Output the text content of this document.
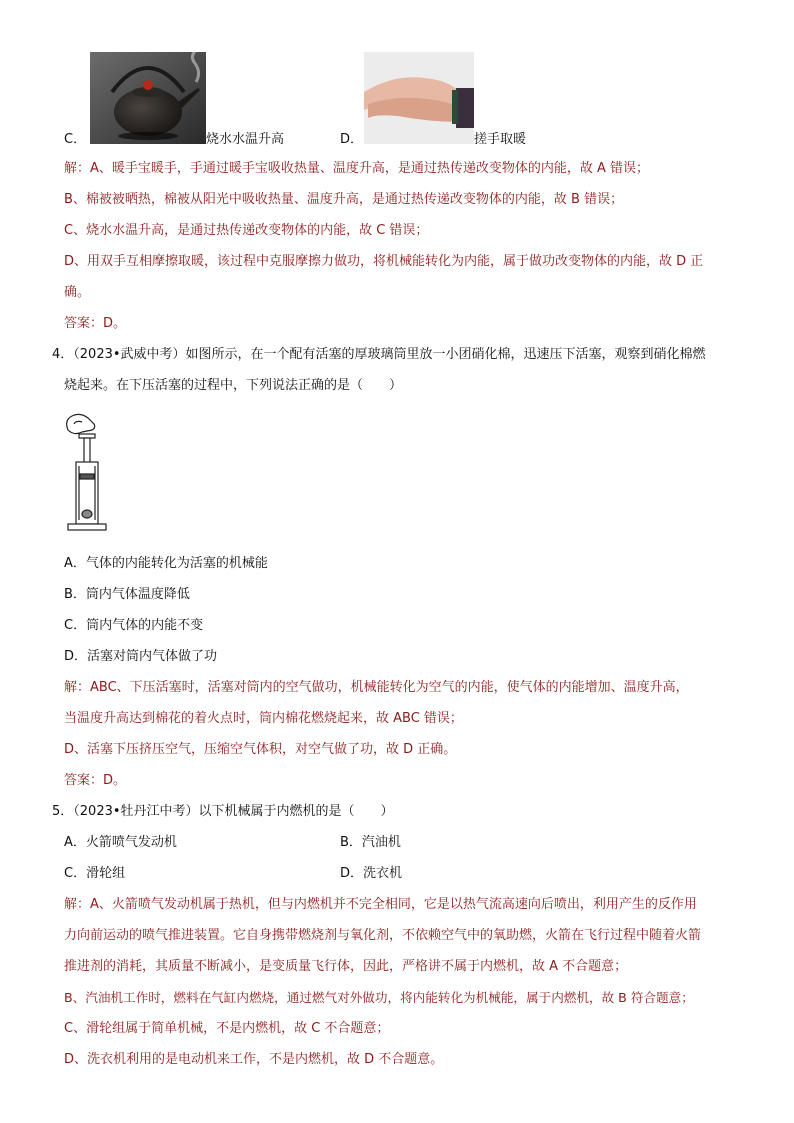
C．	烧水水温升高	D．	搓手取暖
解：A、暖手宝暖手，手通过暖手宝吸收热量、温度升高，是通过热传递改变物体的内能，故 A 错误；
B、棉被被晒热，棉被从阳光中吸收热量、温度升高，是通过热传递改变物体的内能，故 B 错误；
C、烧水水温升高，是通过热传递改变物体的内能，故 C 错误；
D、用双手互相摩擦取暖，该过程中克服摩擦力做功，将机械能转化为内能，属于做功改变物体的内能，故 D 正
确。
答案：D。
4．（2023•武威中考）如图所示，在一个配有活塞的厚玻璃筒里放一小团硝化棉，迅速压下活塞，观察到硝化棉燃
烧起来。在下压活塞的过程中，下列说法正确的是（　　）
A．气体的内能转化为活塞的机械能
B．筒内气体温度降低
C．筒内气体的内能不变
D．活塞对筒内气体做了功
解：ABC、下压活塞时，活塞对筒内的空气做功，机械能转化为空气的内能，使气体的内能增加、温度升高，
当温度升高达到棉花的着火点时，筒内棉花燃烧起来，故 ABC 错误；
D、活塞下压挤压空气，压缩空气体积，对空气做了功，故 D 正确。
答案：D。
5．（2023•牡丹江中考）以下机械属于内燃机的是（　　）
A．火箭喷气发动机	B．汽油机
C．滑轮组	D．洗衣机
解：A、火箭喷气发动机属于热机，但与内燃机并不完全相同，它是以热气流高速向后喷出，利用产生的反作用
力向前运动的喷气推进装置。它自身携带燃烧剂与氧化剂，不依赖空气中的氧助燃，火箭在飞行过程中随着火箭
推进剂的消耗，其质量不断减小，是变质量飞行体，因此，严格讲不属于内燃机，故 A 不合题意；
B、汽油机工作时，燃料在气缸内燃烧，通过燃气对外做功，将内能转化为机械能，属于内燃机，故 B 符合题意；
C、滑轮组属于简单机械，不是内燃机，故 C 不合题意；
D、洗衣机利用的是电动机来工作，不是内燃机，故 D 不合题意。
